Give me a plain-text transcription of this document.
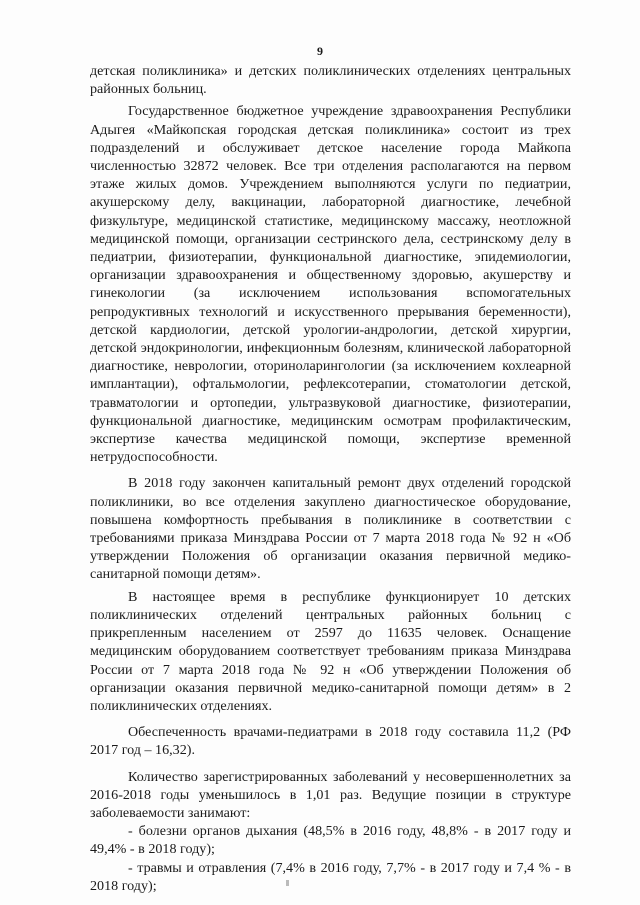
9

детская поликлиника» и детских поликлинических отделениях центральных районных больниц.

Государственное бюджетное учреждение здравоохранения Республики Адыгея «Майкопская городская детская поликлиника» состоит из трех подразделений и обслуживает детское население города Майкопа численностью 32872 человек. Все три отделения располагаются на первом этаже жилых домов. Учреждением выполняются услуги по педиатрии, акушерскому делу, вакцинации, лабораторной диагностике, лечебной физкультуре, медицинской статистике, медицинскому массажу, неотложной медицинской помощи, организации сестринского дела, сестринскому делу в педиатрии, физиотерапии, функциональной диагностике, эпидемиологии, организации здравоохранения и общественному здоровью, акушерству и гинекологии (за исключением использования вспомогательных репродуктивных технологий и искусственного прерывания беременности), детской кардиологии, детской урологии-андрологии, детской хирургии, детской эндокринологии, инфекционным болезням, клинической лабораторной диагностике, неврологии, оториноларингологии (за исключением кохлеарной имплантации), офтальмологии, рефлексотерапии, стоматологии детской, травматологии и ортопедии, ультразвуковой диагностике, физиотерапии, функциональной диагностике, медицинским осмотрам профилактическим, экспертизе качества медицинской помощи, экспертизе временной нетрудоспособности.

В 2018 году закончен капитальный ремонт двух отделений городской поликлиники, во все отделения закуплено диагностическое оборудование, повышена комфортность пребывания в поликлинике в соответствии с требованиями приказа Минздрава России от 7 марта 2018 года № 92 н «Об утверждении Положения об организации оказания первичной медико-санитарной помощи детям».

В настоящее время в республике функционирует 10 детских поликлинических отделений центральных районных больниц с прикрепленным населением от 2597 до 11635 человек. Оснащение медицинским оборудованием соответствует требованиям приказа Минздрава России от 7 марта 2018 года № 92 н «Об утверждении Положения об организации оказания первичной медико-санитарной помощи детям» в 2 поликлинических отделениях.

Обеспеченность врачами-педиатрами в 2018 году составила 11,2 (РФ 2017 год – 16,32).

Количество зарегистрированных заболеваний у несовершеннолетних за 2016-2018 годы уменьшилось в 1,01 раз. Ведущие позиции в структуре заболеваемости занимают:

- болезни органов дыхания (48,5% в 2016 году, 48,8% - в 2017 году и 49,4% - в 2018 году);

- травмы и отравления (7,4% в 2016 году, 7,7% - в 2017 году и 7,4 % - в 2018 году);
